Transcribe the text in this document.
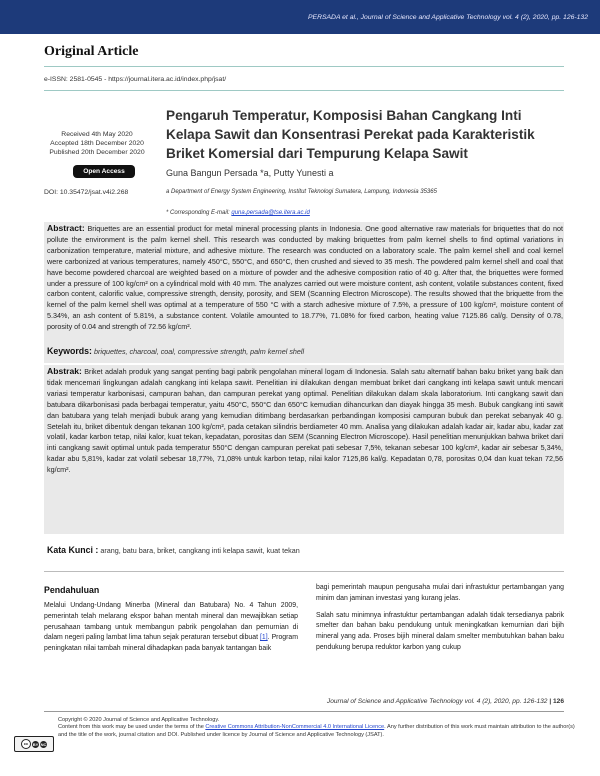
PERSADA et al., Journal of Science and Applicative Technology vol. 4 (2), 2020, pp. 126-132
Original Article
e-ISSN: 2581-0545 - https://journal.itera.ac.id/index.php/jsat/
Pengaruh Temperatur, Komposisi Bahan Cangkang Inti Kelapa Sawit dan Konsentrasi Perekat pada Karakteristik Briket Komersial dari Tempurung Kelapa Sawit
Received 4th May 2020
Accepted 18th December 2020
Published 20th December 2020
Open Access
DOI: 10.35472/jsat.v4i2.268
Guna Bangun Persada *a, Putty Yunesti a
a Department of Energy System Engineering, Institut Teknologi Sumatera, Lampung, Indonesia 35365
* Corresponding E-mail: guna.persada@tse.itera.ac.id
Abstract: Briquettes are an essential product for metal mineral processing plants in Indonesia. One good alternative raw materials for briquettes that do not pollute the environment is the palm kernel shell. This research was conducted by making briquettes from palm kernel shells to find optimal variations in carbonization temperature, material mixture, and adhesive mixture. The research was conducted on a laboratory scale. The palm kernel shell and coal kernel were carbonized at various temperatures, namely 450°C, 550°C, and 650°C, then crushed and sieved to 35 mesh. The powdered palm kernel shell and coal that have become powdered charcoal are weighted based on a mixture of powder and the adhesive composition ratio of 40 g. After that, the briquettes were formed under a pressure of 100 kg/cm² on a cylindrical mold with 40 mm. The analyzes carried out were moisture content, ash content, volatile substances content, fixed carbon content, calorific value, compressive strength, density, porosity, and SEM (Scanning Electron Microscope). The results showed that the briquette from the kernel of the palm kernel shell was optimal at a temperature of 550 °C with a starch adhesive mixture of 7.5%, a pressure of 100 kg/cm², moisture content of 5.34%, an ash content of 5.81%, a substance content. Volatile amounted to 18.77%, 71.08% for fixed carbon, heating value 7125.86 cal/g. Density of 0.78, porosity of 0.04 and strength of 72.56 kg/cm².
Keywords: briquettes, charcoal, coal, compressive strength, palm kernel shell
Abstrak: Briket adalah produk yang sangat penting bagi pabrik pengolahan mineral logam di Indonesia. Salah satu alternatif bahan baku briket yang baik dan tidak mencemari lingkungan adalah cangkang inti kelapa sawit. Penelitian ini dilakukan dengan membuat briket dari cangkang inti kelapa sawit untuk mencari variasi temperatur karbonisasi, campuran bahan, dan campuran perekat yang optimal. Penelitian dilakukan dalam skala laboratorium. Inti cangkang sawit dan batubara dikarbonisasi pada berbagai temperatur, yaitu 450°C, 550°C dan 650°C kemudian dihancurkan dan diayak hingga 35 mesh. Bubuk cangkang inti sawit dan batubara yang telah menjadi bubuk arang yang kemudian ditimbang berdasarkan perbandingan komposisi campuran bubuk dan perekat sebanyak 40 g. Setelah itu, briket dibentuk dengan tekanan 100 kg/cm², pada cetakan silindris berdiameter 40 mm. Analisa yang dilakukan adalah kadar air, kadar abu, kadar zat volatil, kadar karbon tetap, nilai kalor, kuat tekan, kepadatan, porositas dan SEM (Scanning Electron Microscope). Hasil penelitian menunjukkan bahwa briket dari inti cangkang sawit optimal untuk pada temperatur 550°C dengan campuran perekat pati sebesar 7,5%, tekanan sebesar 100 kg/cm², kadar air sebesar 5,34%, kadar abu 5,81%, kadar zat volatil sebesar 18,77%, 71,08% untuk karbon tetap, nilai kalor 7125,86 kal/g. Kepadatan 0,78, porositas 0,04 dan kuat tekan 72,56 kg/cm².
Kata Kunci : arang, batu bara, briket, cangkang inti kelapa sawit, kuat tekan
Pendahuluan
Melalui Undang-Undang Minerba (Mineral dan Batubara) No. 4 Tahun 2009, pemerintah telah melarang ekspor bahan mentah mineral dan mewajibkan setiap perusahaan tambang untuk membangun pabrik pengolahan dan pemurnian di dalam negeri paling lambat lima tahun sejak peraturan tersebut dibuat [1]. Program peningkatan nilai tambah mineral dihadapkan pada banyak tantangan baik
bagi pemerintah maupun pengusaha mulai dari infrastuktur pertambangan yang minim dan jaminan investasi yang kurang jelas.
Salah satu minimnya infrastuktur pertambangan adalah tidak tersedianya pabrik smelter dan bahan baku pendukung untuk meningkatkan kemurnian dari bijih mineral yang ada. Proses bijih mineral dalam smelter membutuhkan bahan baku pendukung berupa reduktor karbon yang cukup
Journal of Science and Applicative Technology vol. 4 (2), 2020, pp. 126-132 | 126
cc	BY NC
Copyright © 2020 Journal of Science and Applicative Technology.
Content from this work may be used under the terms of the Creative Commons Attribution-NonCommercial 4.0 International Licence. Any further distribution of this work must maintain attribution to the author(s) and the title of the work, journal citation and DOI. Published under licence by Journal of Science and Applicative Technology (JSAT).
